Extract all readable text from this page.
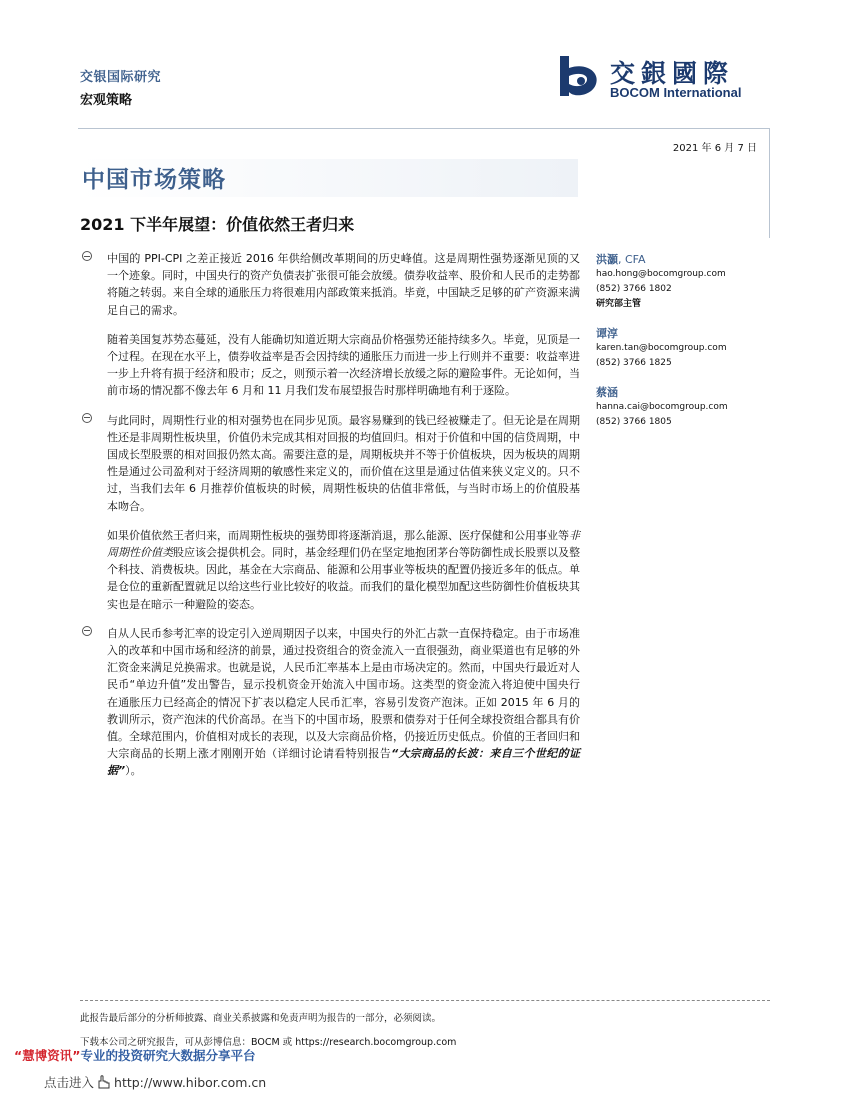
交银国际研究
宏观策略
交銀國際
BOCOM International
2021 年 6 月 7 日
中国市场策略
2021 下半年展望：价值依然王者归来
中国的 PPI-CPI 之差正接近 2016 年供给侧改革期间的历史峰值。这是周期性强势逐渐见顶的又一个迹象。同时，中国央行的资产负债表扩张很可能会放缓。债券收益率、股价和人民币的走势都将随之转弱。来自全球的通胀压力将很难用内部政策来抵消。毕竟，中国缺乏足够的矿产资源来满足自己的需求。
随着美国复苏势态蔓延，没有人能确切知道近期大宗商品价格强势还能持续多久。毕竟，见顶是一个过程。在现在水平上，债券收益率是否会因持续的通胀压力而进一步上行则并不重要：收益率进一步上升将有损于经济和股市；反之，则预示着一次经济增长放缓之际的避险事件。无论如何，当前市场的情况都不像去年 6 月和 11 月我们发布展望报告时那样明确地有利于逐险。
与此同时，周期性行业的相对强势也在同步见顶。最容易赚到的钱已经被赚走了。但无论是在周期性还是非周期性板块里，价值仍未完成其相对回报的均值回归。相对于价值和中国的信贷周期，中国成长型股票的相对回报仍然太高。需要注意的是，周期板块并不等于价值板块，因为板块的周期性是通过公司盈利对于经济周期的敏感性来定义的，而价值在这里是通过估值来狭义定义的。只不过，当我们去年 6 月推荐价值板块的时候，周期性板块的估值非常低，与当时市场上的价值股基本吻合。
如果价值依然王者归来，而周期性板块的强势即将逐渐消退，那么能源、医疗保健和公用事业等非周期性价值类股应该会提供机会。同时，基金经理们仍在坚定地抱团茅台等防御性成长股票以及整个科技、消费板块。因此，基金在大宗商品、能源和公用事业等板块的配置仍接近多年的低点。单是仓位的重新配置就足以给这些行业比较好的收益。而我们的量化模型加配这些防御性价值板块其实也是在暗示一种避险的姿态。
自从人民币参考汇率的设定引入逆周期因子以来，中国央行的外汇占款一直保持稳定。由于市场准入的改革和中国市场和经济的前景，通过投资组合的资金流入一直很强劲，商业渠道也有足够的外汇资金来满足兑换需求。也就是说，人民币汇率基本上是由市场决定的。然而，中国央行最近对人民币“单边升值”发出警告，显示投机资金开始流入中国市场。这类型的资金流入将迫使中国央行在通胀压力已经高企的情况下扩表以稳定人民币汇率，容易引发资产泡沫。正如 2015 年 6 月的教训所示，资产泡沫的代价高昂。在当下的中国市场，股票和债券对于任何全球投资组合都具有价值。全球范围内，价值相对成长的表现，以及大宗商品价格，仍接近历史低点。价值的王者回归和大宗商品的长期上涨才刚刚开始（详细讨论请看特别报告“大宗商品的长波：来自三个世纪的证据”）。
洪灝, CFA
hao.hong@bocomgroup.com
(852) 3766 1802
研究部主管
谭淳
karen.tan@bocomgroup.com
(852) 3766 1825
蔡涵
hanna.cai@bocomgroup.com
(852) 3766 1805
此报告最后部分的分析师披露、商业关系披露和免责声明为报告的一部分，必须阅读。
下载本公司之研究报告，可从彭博信息：BOCM 或 https://research.bocomgroup.com
“慧博资讯”专业的投资研究大数据分享平台
点击进入 http://www.hibor.com.cn
